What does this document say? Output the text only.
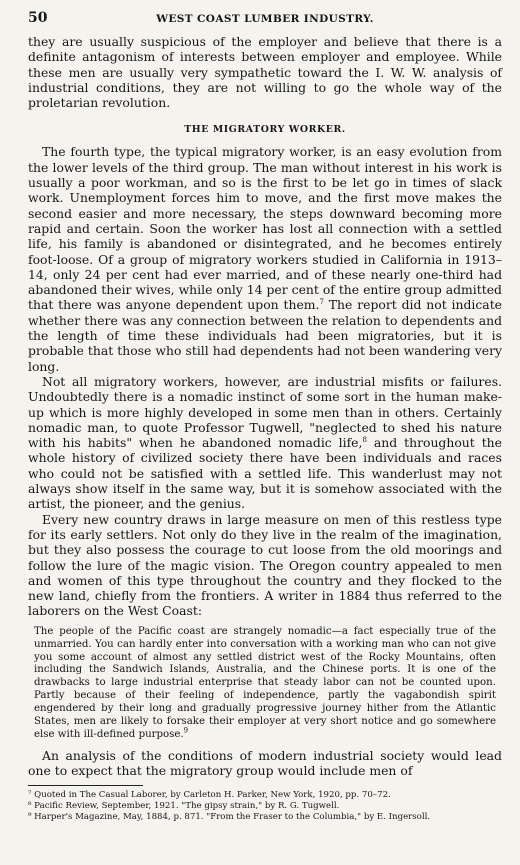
50	WEST COAST LUMBER INDUSTRY.

they are usually suspicious of the employer and believe that there is a definite antagonism of interests between employer and employee. While these men are usually very sympathetic toward the I. W. W. analysis of industrial conditions, they are not willing to go the whole way of the proletarian revolution.

THE MIGRATORY WORKER.

The fourth type, the typical migratory worker, is an easy evolution from the lower levels of the third group. The man without interest in his work is usually a poor workman, and so is the first to be let go in times of slack work. Unemployment forces him to move, and the first move makes the second easier and more necessary, the steps downward becoming more rapid and certain. Soon the worker has lost all connection with a settled life, his family is abandoned or disintegrated, and he becomes entirely foot-loose. Of a group of migratory workers studied in California in 1913–14, only 24 per cent had ever married, and of these nearly one-third had abandoned their wives, while only 14 per cent of the entire group admitted that there was anyone dependent upon them.$^7$ The report did not indicate whether there was any connection between the relation to dependents and the length of time these individuals had been migratories, but it is probable that those who still had dependents had not been wandering very long.

Not all migratory workers, however, are industrial misfits or failures. Undoubtedly there is a nomadic instinct of some sort in the human make-up which is more highly developed in some men than in others. Certainly nomadic man, to quote Professor Tugwell, "neglected to shed his nature with his habits" when he abandoned nomadic life,$^8$ and throughout the whole history of civilized society there have been individuals and races who could not be satisfied with a settled life. This wanderlust may not always show itself in the same way, but it is somehow associated with the artist, the pioneer, and the genius.

Every new country draws in large measure on men of this restless type for its early settlers. Not only do they live in the realm of the imagination, but they also possess the courage to cut loose from the old moorings and follow the lure of the magic vision. The Oregon country appealed to men and women of this type throughout the country and they flocked to the new land, chiefly from the frontiers. A writer in 1884 thus referred to the laborers on the West Coast:

The people of the Pacific coast are strangely nomadic—a fact especially true of the unmarried. You can hardly enter into conversation with a working man who can not give you some account of almost any settled district west of the Rocky Mountains, often including the Sandwich Islands, Australia, and the Chinese ports. It is one of the drawbacks to large industrial enterprise that steady labor can not be counted upon. Partly because of their feeling of independence, partly the vagabondish spirit engendered by their long and gradually progressive journey hither from the Atlantic States, men are likely to forsake their employer at very short notice and go somewhere else with ill-defined purpose.$^9$

An analysis of the conditions of modern industrial society would lead one to expect that the migratory group would include men of

⁷ Quoted in The Casual Laborer, by Carleton H. Parker, New York, 1920, pp. 70–72.

⁸ Pacific Review, September, 1921. "The gipsy strain," by R. G. Tugwell.

⁹ Harper's Magazine, May, 1884, p. 871. "From the Fraser to the Columbia," by E. Ingersoll.
